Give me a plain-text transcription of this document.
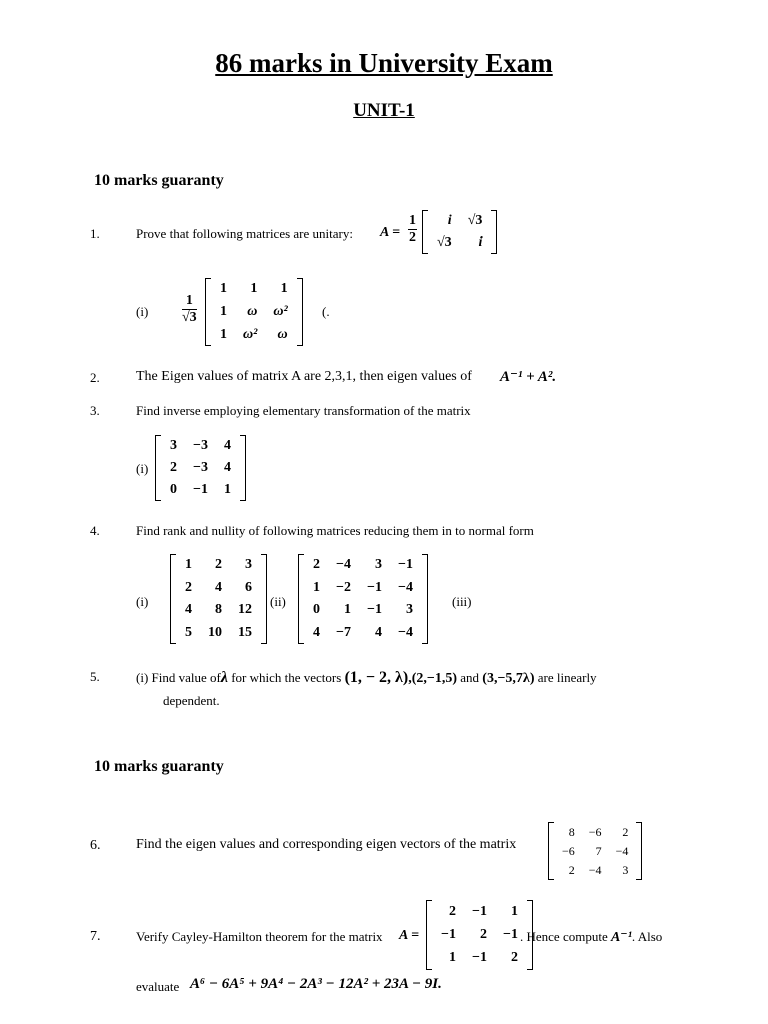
86 marks in University Exam
UNIT-1
10 marks guaranty
1.	Prove that following matrices are unitary: $A = \frac{1}{2}$ i	√3
√3	i
.
$(i) \frac{1}{√3}$
1	1	1
1	ω	ω²
1	ω²	ω
(.
2.	The Eigen values of matrix A are 2,3,1, then eigen values of A⁻¹ + A².
3.	Find inverse employing elementary transformation of the matrix
(i)
3	−3	4
2	−3	4
0	−1	1
4.	Find rank and nullity of following matrices reducing them in to normal form
(i)
1	2	3
2	4	6
4	8	12
5	10	15
(ii)
2	−4	3	−1
1	−2	−1	−4
0	1	−1	3
4	−7	4	−4
(iii)
5.	(i) Find value ofλ for which the vectors (1, − 2, λ),(2,−1,5) and (3,−5,7λ) are linearly
dependent.
10 marks guaranty
6.	Find the eigen values and corresponding eigen vectors of the matrix
8	−6	2
−6	7	−4
2	−4	3
7.	Verify Cayley-Hamilton theorem for the matrix A =
2	−1	1
−1	2	−1
1	−1	2
. Hence compute A⁻¹. Also
evaluate A⁶ − 6A⁵ + 9A⁴ − 2A³ − 12A² + 23A − 9I.
